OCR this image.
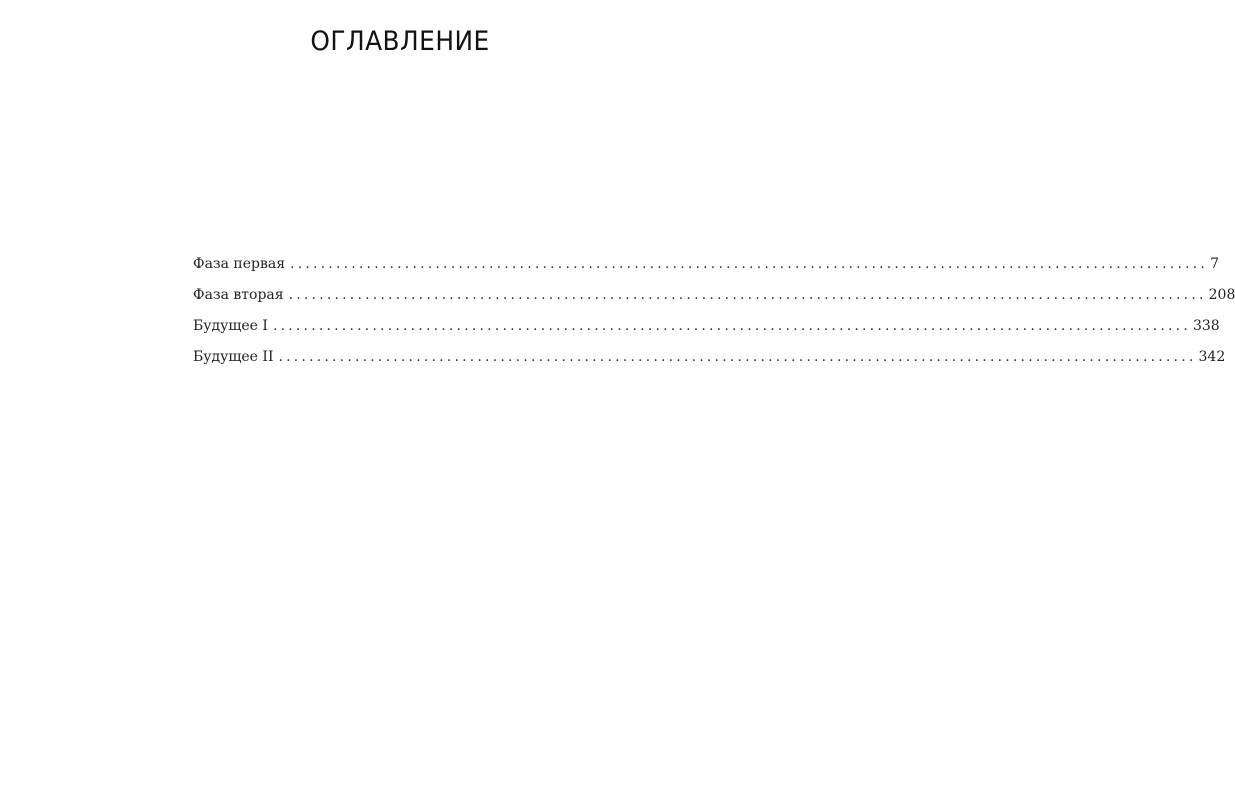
ОГЛАВЛЕНИЕ
Фаза первая ........................................................................................................................ 7
Фаза вторая ........................................................................................................................ 208
Будущее I ........................................................................................................................ 338
Будущее II ........................................................................................................................ 342
